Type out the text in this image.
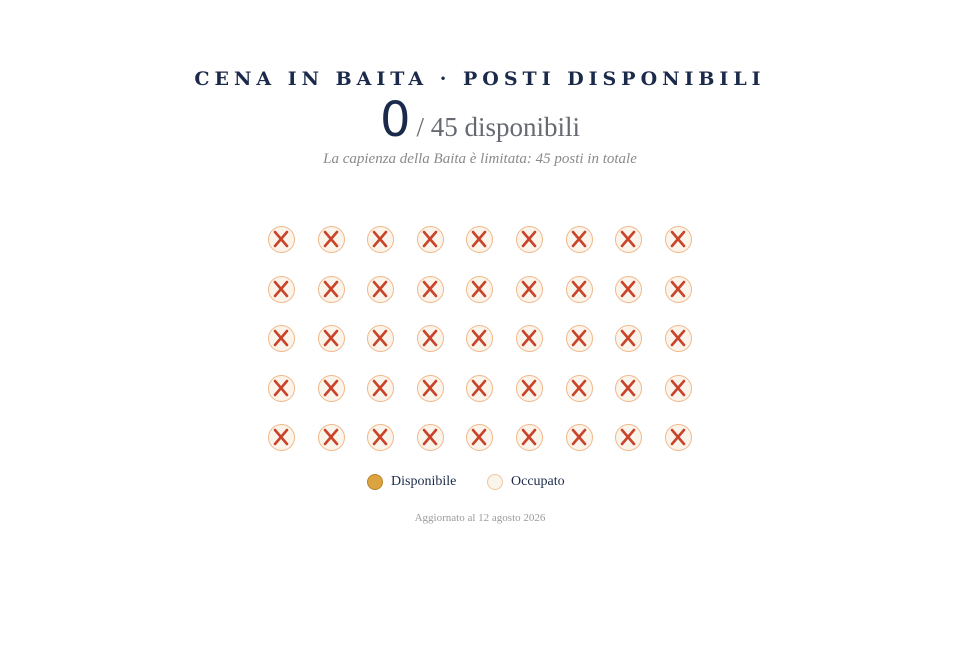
CENA IN BAITA · POSTI DISPONIBILI
0 / 45 disponibili
La capienza della Baita è limitata: 45 posti in totale
Disponibile	Occupato
Aggiornato al 12 agosto 2026
